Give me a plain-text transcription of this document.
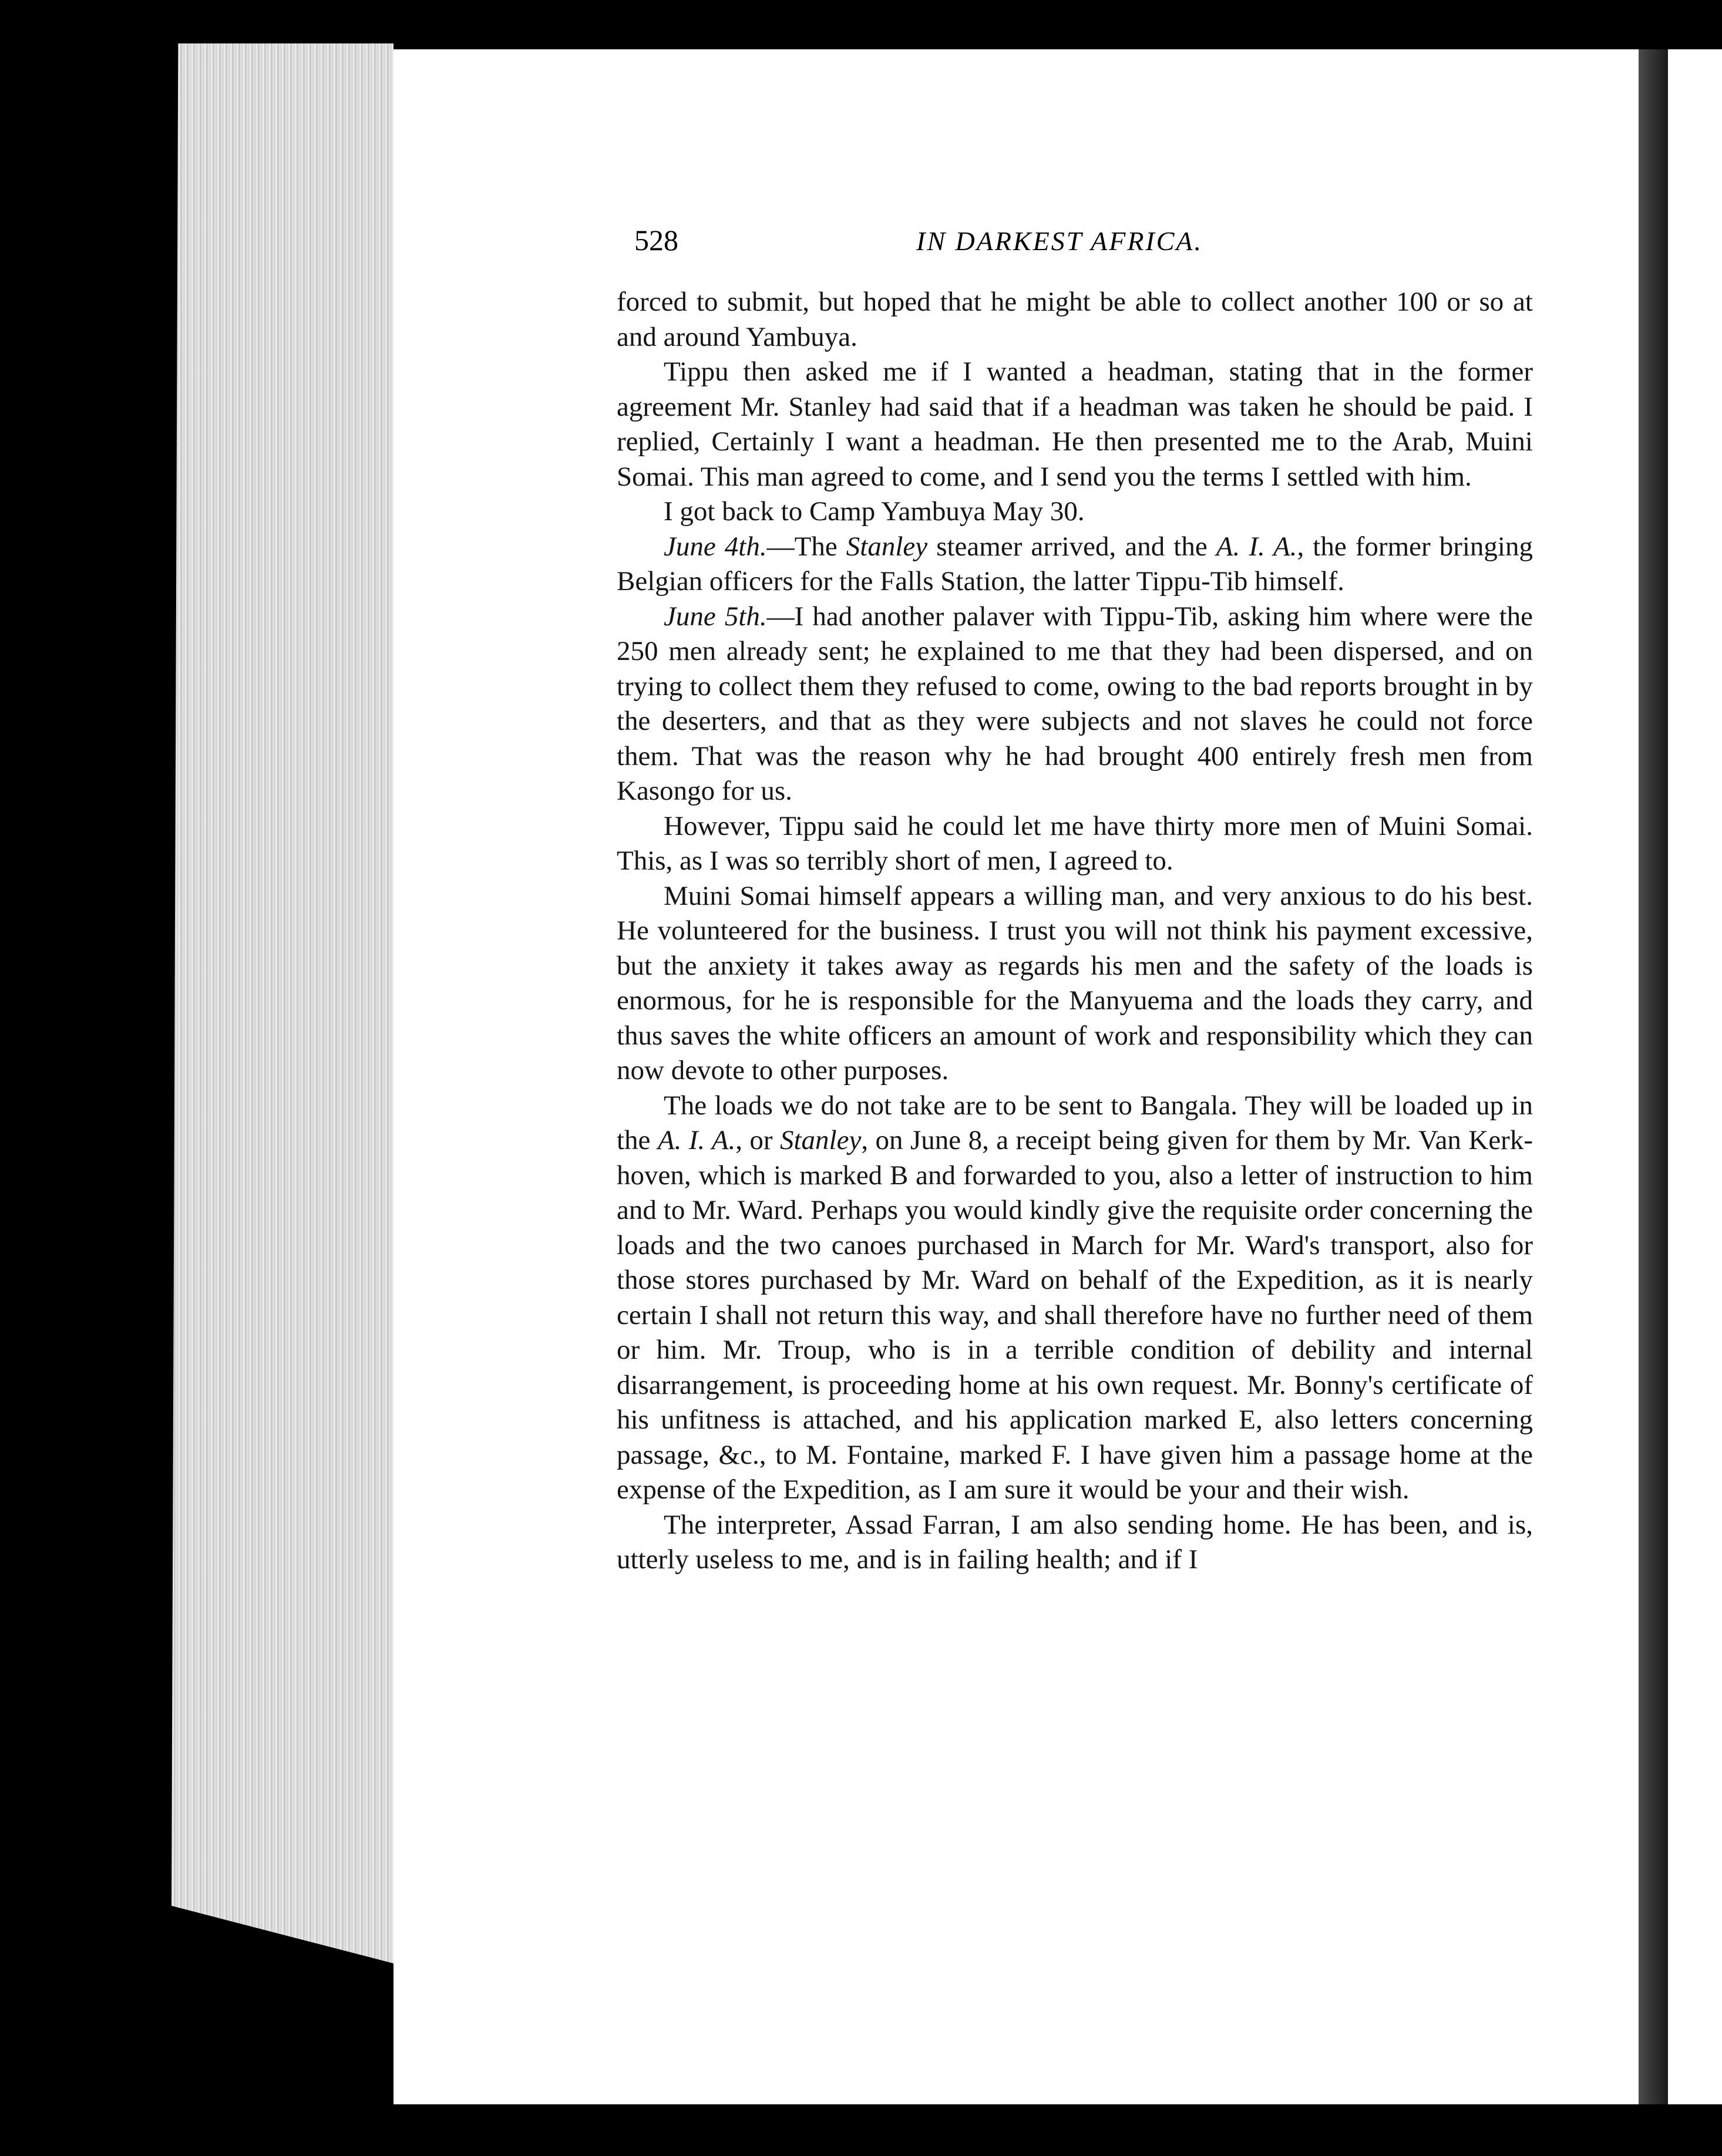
528	IN DARKEST AFRICA.

forced to submit, but hoped that he might be able to collect another 100 or so at and around Yambuya.

Tippu then asked me if I wanted a headman, stating that in the former agreement Mr. Stanley had said that if a headman was taken he should be paid. I replied, Certainly I want a headman. He then presented me to the Arab, Muini Somai. This man agreed to come, and I send you the terms I settled with him.

I got back to Camp Yambuya May 30.

June 4th.—The Stanley steamer arrived, and the A. I. A., the former bringing Belgian officers for the Falls Station, the latter Tippu-Tib himself.

June 5th.—I had another palaver with Tippu-Tib, asking him where were the 250 men already sent; he explained to me that they had been dispersed, and on trying to collect them they refused to come, owing to the bad reports brought in by the deserters, and that as they were subjects and not slaves he could not force them. That was the reason why he had brought 400 entirely fresh men from Kasongo for us.

However, Tippu said he could let me have thirty more men of Muini Somai. This, as I was so terribly short of men, I agreed to.

Muini Somai himself appears a willing man, and very anxious to do his best. He volunteered for the business. I trust you will not think his payment excessive, but the anxiety it takes away as regards his men and the safety of the loads is enormous, for he is responsible for the Manyuema and the loads they carry, and thus saves the white officers an amount of work and responsibility which they can now devote to other purposes.

The loads we do not take are to be sent to Bangala. They will be loaded up in the A. I. A., or Stanley, on June 8, a receipt being given for them by Mr. Van Kerk-hoven, which is marked B and forwarded to you, also a letter of instruction to him and to Mr. Ward. Perhaps you would kindly give the requisite order concerning the loads and the two canoes purchased in March for Mr. Ward's transport, also for those stores purchased by Mr. Ward on behalf of the Expedition, as it is nearly certain I shall not return this way, and shall therefore have no further need of them or him. Mr. Troup, who is in a terrible condition of debility and internal disarrangement, is proceeding home at his own request. Mr. Bonny's certificate of his unfitness is attached, and his application marked E, also letters concerning passage, &c., to M. Fontaine, marked F. I have given him a passage home at the expense of the Expedition, as I am sure it would be your and their wish.

The interpreter, Assad Farran, I am also sending home. He has been, and is, utterly useless to me, and is in failing health; and if I
